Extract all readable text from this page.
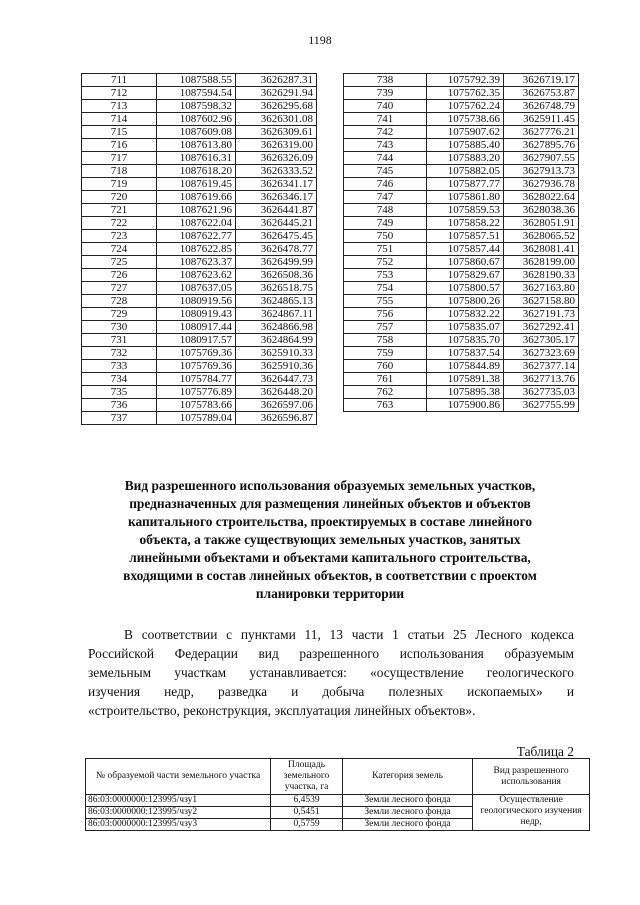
1198
711	1087588.55	3626287.31
712	1087594.54	3626291.94
713	1087598.32	3626295.68
714	1087602.96	3626301.08
715	1087609.08	3626309.61
716	1087613.80	3626319.00
717	1087616.31	3626326.09
718	1087618.20	3626333.52
719	1087619.45	3626341.17
720	1087619.66	3626346.17
721	1087621.96	3626441.87
722	1087622.04	3626445.21
723	1087622.77	3626475.45
724	1087622.85	3626478.77
725	1087623.37	3626499.99
726	1087623.62	3626508.36
727	1087637.05	3626518.75
728	1080919.56	3624865.13
729	1080919.43	3624867.11
730	1080917.44	3624866.98
731	1080917.57	3624864.99
732	1075769.36	3625910.33
733	1075769.36	3625910.36
734	1075784.77	3626447.73
735	1075776.89	3626448.20
736	1075783.66	3626597.06
737	1075789.04	3626596.87
738	1075792.39	3626719.17
739	1075762.35	3626753.87
740	1075762.24	3626748.79
741	1075738.66	3625911.45
742	1075907.62	3627776.21
743	1075885.40	3627895.76
744	1075883.20	3627907.55
745	1075882.05	3627913.73
746	1075877.77	3627936.78
747	1075861.80	3628022.64
748	1075859.53	3628038.36
749	1075858.22	3628051.91
750	1075857.51	3628065.52
751	1075857.44	3628081.41
752	1075860.67	3628199.00
753	1075829.67	3628190.33
754	1075800.57	3627163.80
755	1075800.26	3627158.80
756	1075832.22	3627191.73
757	1075835.07	3627292.41
758	1075835.70	3627305.17
759	1075837.54	3627323.69
760	1075844.89	3627377.14
761	1075891.38	3627713.76
762	1075895.38	3627735.03
763	1075900.86	3627755.99
Вид разрешенного использования образуемых земельных участков,
предназначенных для размещения линейных объектов и объектов
капитального строительства, проектируемых в составе линейного
объекта, а также существующих земельных участков, занятых
линейными объектами и объектами капитального строительства,
входящими в состав линейных объектов, в соответствии с проектом
планировки территории
В соответствии с пунктами 11, 13 части 1 статьи 25 Лесного кодекса
Российской Федерации вид разрешенного использования образуемым
земельным участкам устанавливается: «осуществление геологического
изучения недр, разведка и добыча полезных ископаемых» и
«строительство, реконструкция, эксплуатация линейных объектов».
Таблица 2
№ образуемой части земельного участка	Площадь земельного участка, га	Категория земель	Вид разрешенного использования
86:03:0000000:123995/чзу1	6,4539	Земли лесного фонда	Осуществление геологического изучения недр,
86:03:0000000:123995/чзу2	0,5451	Земли лесного фонда	
86:03:0000000:123995/чзу3	0,5759	Земли лесного фонда	
